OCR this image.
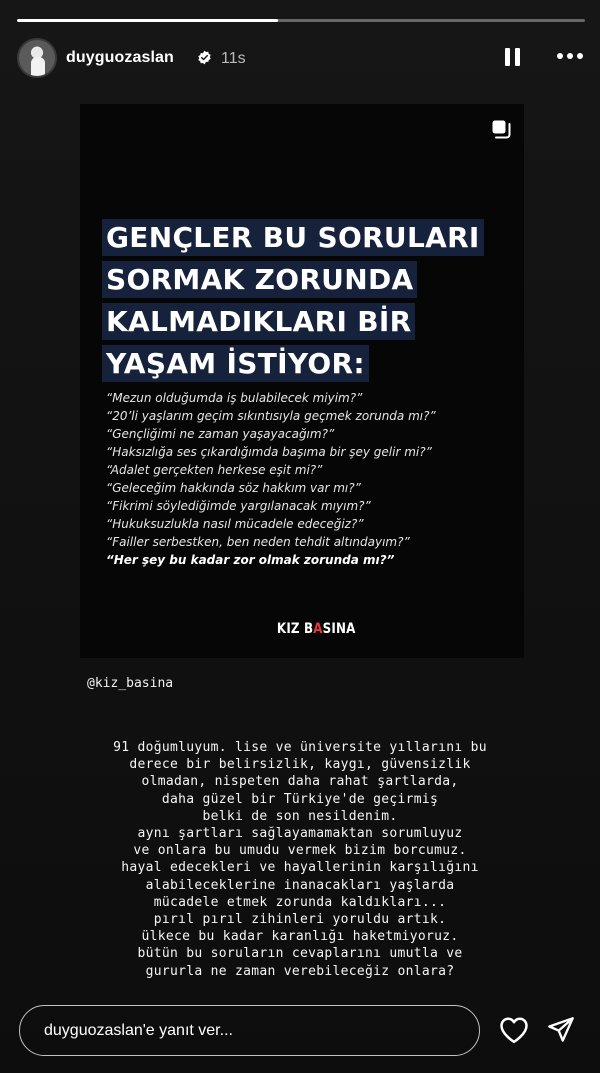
duyguozaslan	11s
GENÇLER BU SORULARI
SORMAK ZORUNDA
KALMADIKLARI BİR
YAŞAM İSTİYOR:
“Mezun olduğumda iş bulabilecek miyim?”
“20’li yaşlarım geçim sıkıntısıyla geçmek zorunda mı?”
“Gençliğimi ne zaman yaşayacağım?”
“Haksızlığa ses çıkardığımda başıma bir şey gelir mi?”
“Adalet gerçekten herkese eşit mi?”
“Geleceğim hakkında söz hakkım var mı?”
“Fikrimi söylediğimde yargılanacak mıyım?”
“Hukuksuzlukla nasıl mücadele edeceğiz?”
“Failler serbestken, ben neden tehdit altındayım?”
“Her şey bu kadar zor olmak zorunda mı?”
KIZ BASINA
@kiz_basina
91 doğumluyum. lise ve üniversite yıllarını bu
derece bir belirsizlik, kaygı, güvensizlik
olmadan, nispeten daha rahat şartlarda,
daha güzel bir Türkiye'de geçirmiş
belki de son nesildenim.
aynı şartları sağlayamamaktan sorumluyuz
ve onlara bu umudu vermek bizim borcumuz.
hayal edecekleri ve hayallerinin karşılığını
alabileceklerine inanacakları yaşlarda
mücadele etmek zorunda kaldıkları...
pırıl pırıl zihinleri yoruldu artık.
ülkece bu kadar karanlığı haketmiyoruz.
bütün bu soruların cevaplarını umutla ve
gururla ne zaman verebileceğiz onlara?
duyguozaslan'e yanıt ver...
